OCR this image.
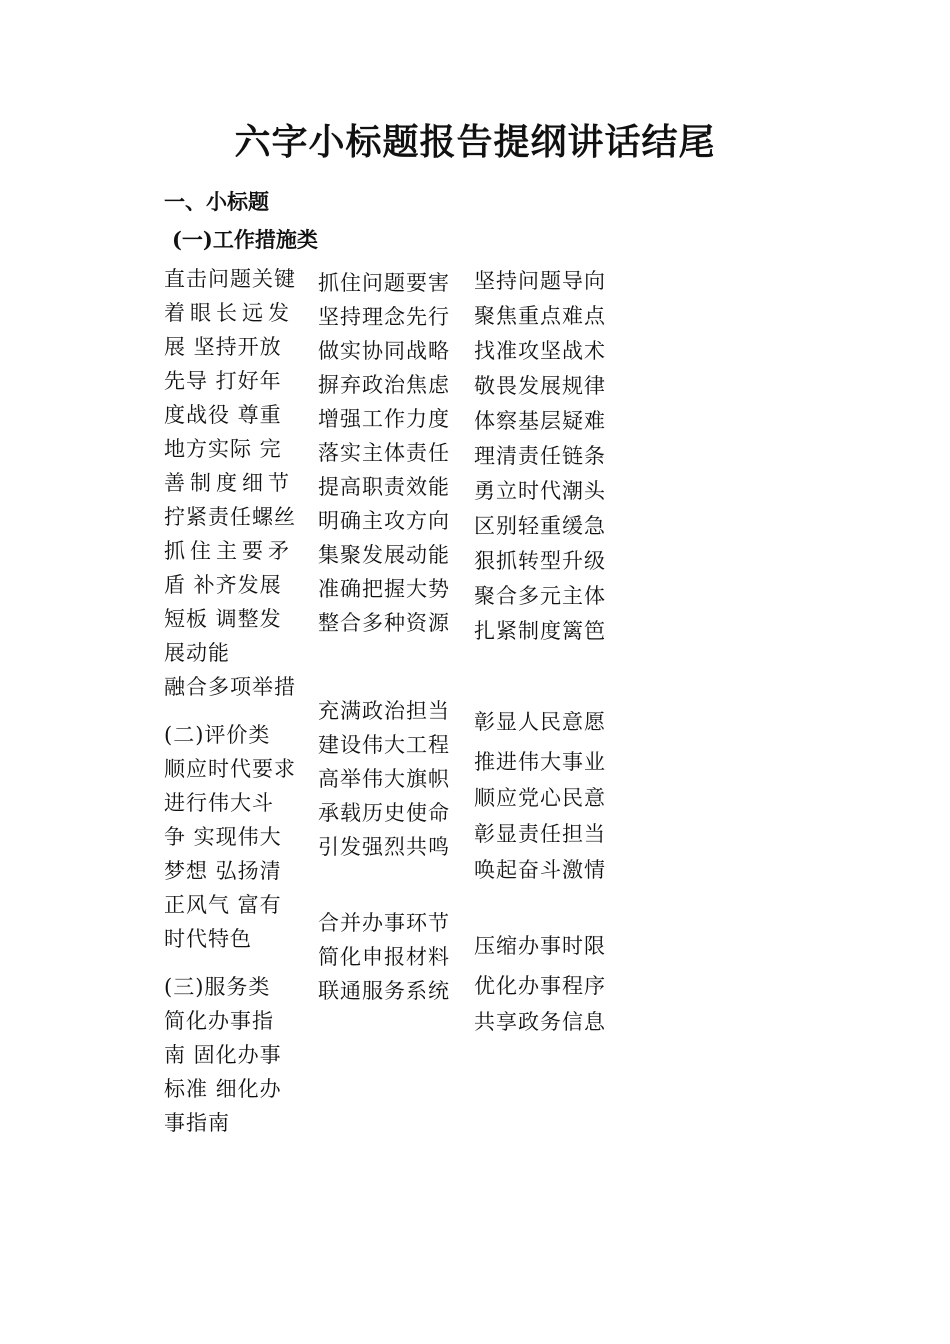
六字小标题报告提纲讲话结尾
一、小标题
(一)工作措施类
直击问题关键
着眼长远发
展 坚持开放
先导 打好年
度战役 尊重
地方实际 完
善制度细节
拧紧责任螺丝
抓住主要矛
盾 补齐发展
短板 调整发
展动能
融合多项举措
(二)评价类
顺应时代要求
进行伟大斗
争 实现伟大
梦想 弘扬清
正风气 富有
时代特色
(三)服务类
简化办事指
南 固化办事
标准 细化办
事指南
抓住问题要害
坚持理念先行
做实协同战略
摒弃政治焦虑
增强工作力度
落实主体责任
提高职责效能
明确主攻方向
集聚发展动能
准确把握大势
整合多种资源
充满政治担当
建设伟大工程
高举伟大旗帜
承载历史使命
引发强烈共鸣
合并办事环节
简化申报材料
联通服务系统
坚持问题导向
聚焦重点难点
找准攻坚战术
敬畏发展规律
体察基层疑难
理清责任链条
勇立时代潮头
区别轻重缓急
狠抓转型升级
聚合多元主体
扎紧制度篱笆
彰显人民意愿
推进伟大事业
顺应党心民意
彰显责任担当
唤起奋斗激情
压缩办事时限
优化办事程序
共享政务信息
